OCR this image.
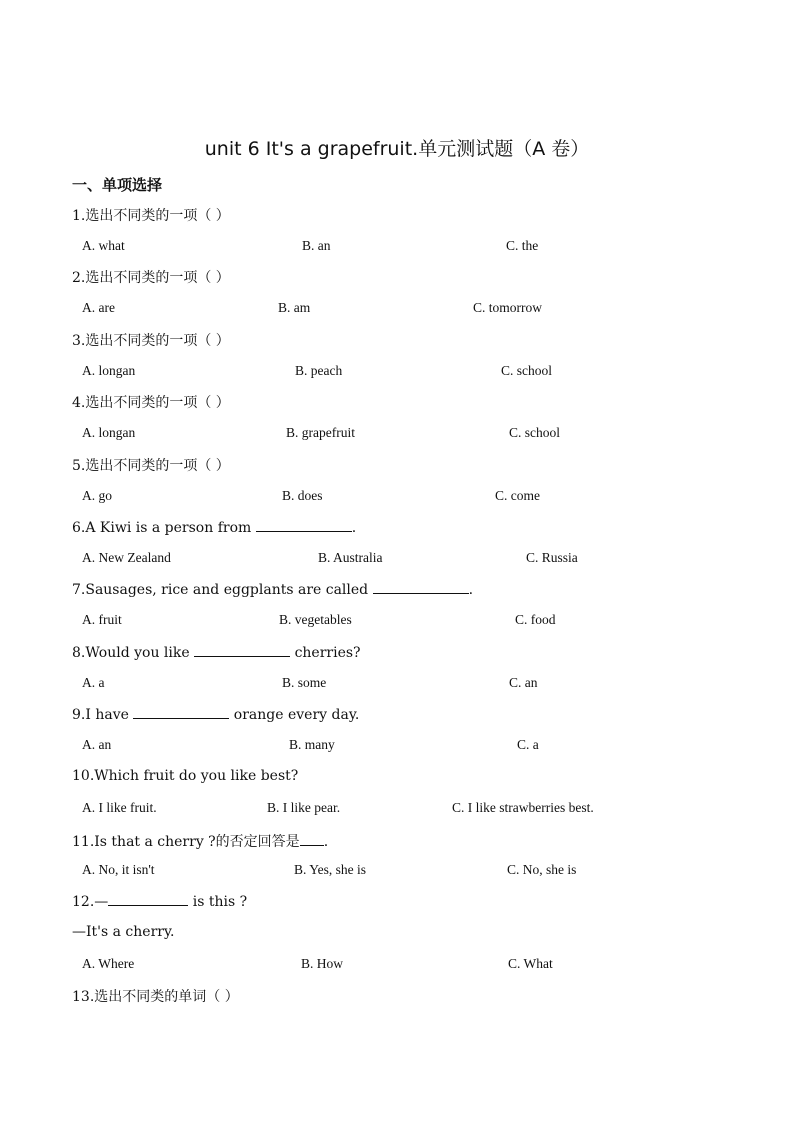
unit 6 It's a grapefruit.单元测试题（A 卷）
一、单项选择
1.选出不同类的一项（ ）
A. what	B. an	C. the
2.选出不同类的一项（ ）
A. are	B. am	C. tomorrow
3.选出不同类的一项（ ）
A. longan	B. peach	C. school
4.选出不同类的一项（ ）
A. longan	B. grapefruit	C. school
5.选出不同类的一项（ ）
A. go	B. does	C. come
6.A Kiwi is a person from	.
A. New Zealand	B. Australia	C. Russia
7.Sausages, rice and eggplants are called	.
A. fruit	B. vegetables	C. food
8.Would you like	cherries?
A. a	B. some	C. an
9.I have	orange every day.
A. an	B. many	C. a
10.Which fruit do you like best?
A. I like fruit.	B. I like pear.	C. I like strawberries best.
11.Is that a cherry ?的否定回答是 .
A. No, it isn't	B. Yes, she is	C. No, she is
12.—	is this ?
—It's a cherry.
A. Where	B. How	C. What
13.选出不同类的单词（ ）
